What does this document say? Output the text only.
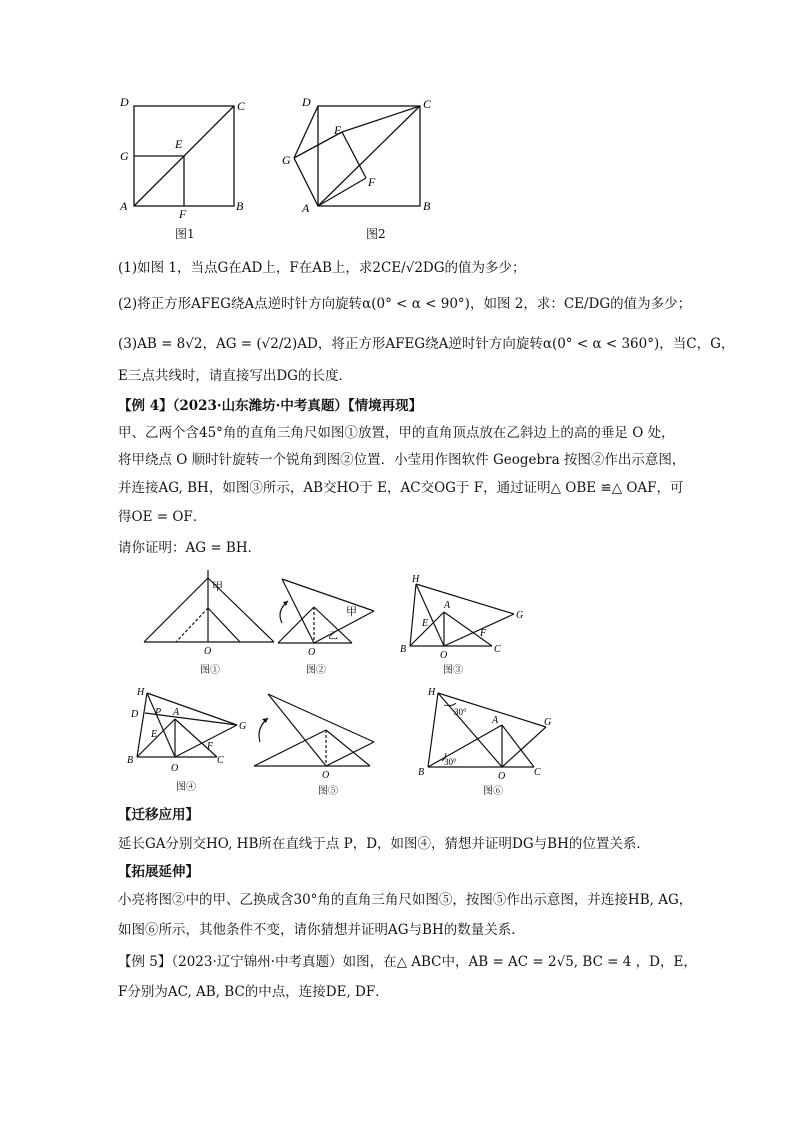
D	C
G
E
A
F
B
图1
D	C
G
E
F
A	B
图2
(1)如图 1，当点G在AD上，F在AB上，求2CE/√2DG的值为多少；
(2)将正方形AFEG绕A点逆时针方向旋转α(0° < α < 90°)，如图 2，求：CE/DG的值为多少；
(3)AB = 8√2，AG = (√2/2)AD，将正方形AFEG绕A逆时针方向旋转α(0° < α < 360°)，当C，G，
E三点共线时，请直接写出DG的长度．
【例 4】（2023·山东潍坊·中考真题）【情境再现】
甲、乙两个含45°角的直角三角尺如图①放置，甲的直角顶点放在乙斜边上的高的垂足 O 处，
将甲绕点 O 顺时针旋转一个锐角到图②位置．小莹用作图软件 Geogebra 按图②作出示意图，
并连接AG, BH，如图③所示，AB交HO于 E，AC交OG于 F，通过证明△ OBE ≌△ OAF，可
得OE = OF．
请你证明：AG = BH．
甲
O
图①
甲
乙
O
图②
H
A
G
E
F
B
O
C
图③
H
D P A
G
E
F
B
O
C
图④
O
图⑤
H
30°
A	G
30°
B	O	C
图⑥
【迁移应用】
延长GA分别交HO, HB所在直线于点 P，D，如图④，猜想并证明DG与BH的位置关系．
【拓展延伸】
小亮将图②中的甲、乙换成含30°角的直角三角尺如图⑤，按图⑤作出示意图，并连接HB, AG，
如图⑥所示，其他条件不变，请你猜想并证明AG与BH的数量关系．
【例 5】（2023·辽宁锦州·中考真题）如图，在△ ABC中，AB = AC = 2√5, BC = 4 ，D，E，
F分别为AC, AB, BC的中点，连接DE, DF．
